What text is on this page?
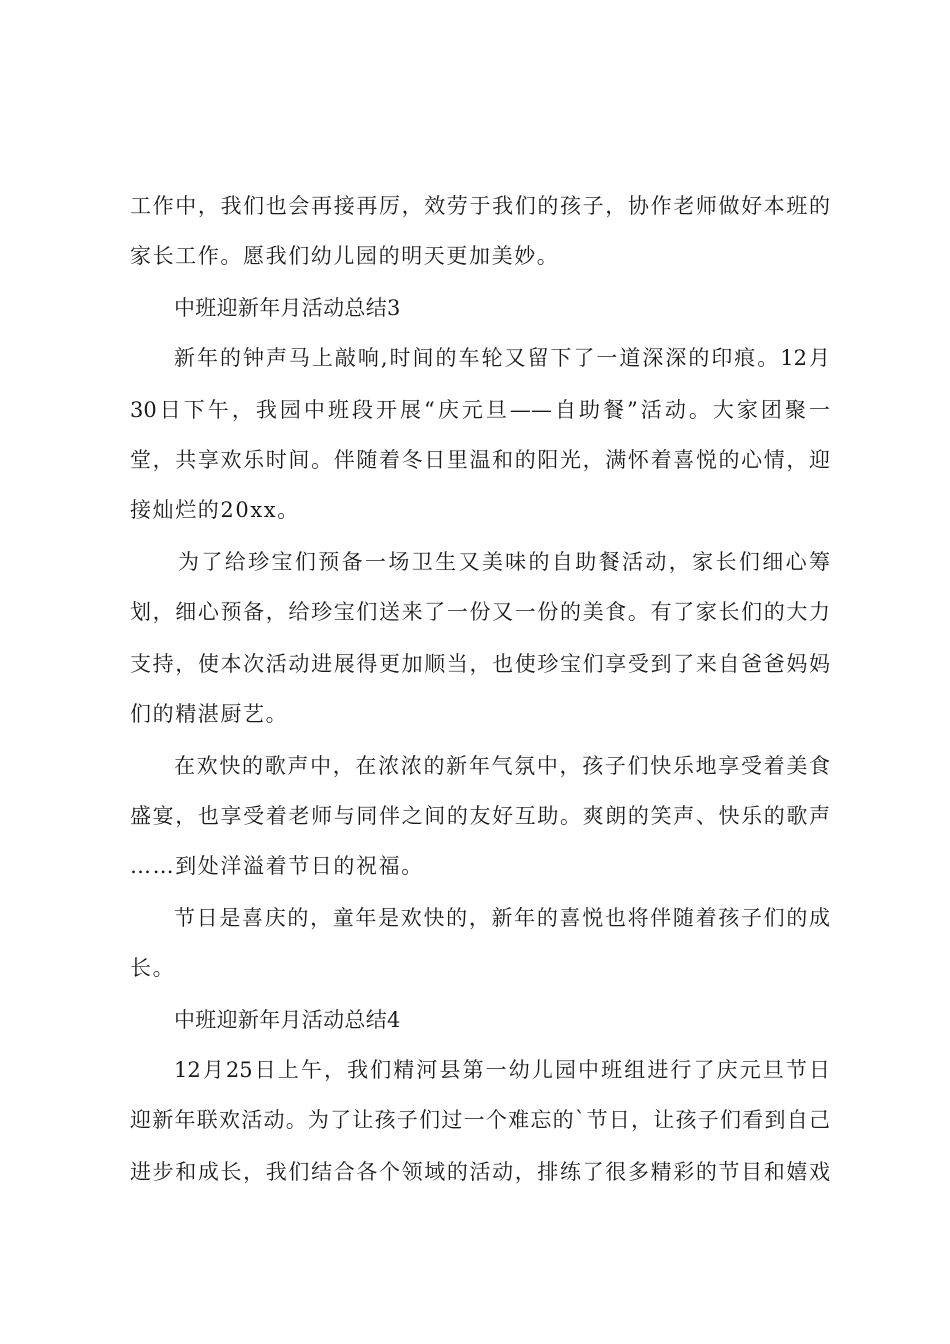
工作中，我们也会再接再厉，效劳于我们的孩子，协作老师做好本班的
家长工作。愿我们幼儿园的明天更加美妙。
中班迎新年月活动总结3
新年的钟声马上敲响,时间的车轮又留下了一道深深的印痕。12月
30日下午，我园中班段开展“庆元旦——自助餐”活动。大家团聚一
堂，共享欢乐时间。伴随着冬日里温和的阳光，满怀着喜悦的心情，迎
接灿烂的20xx。
为了给珍宝们预备一场卫生又美味的自助餐活动，家长们细心筹
划，细心预备，给珍宝们送来了一份又一份的美食。有了家长们的大力
支持，使本次活动进展得更加顺当，也使珍宝们享受到了来自爸爸妈妈
们的精湛厨艺。
在欢快的歌声中，在浓浓的新年气氛中，孩子们快乐地享受着美食
盛宴，也享受着老师与同伴之间的友好互助。爽朗的笑声、快乐的歌声
……到处洋溢着节日的祝福。
节日是喜庆的，童年是欢快的，新年的喜悦也将伴随着孩子们的成
长。
中班迎新年月活动总结4
12月25日上午，我们精河县第一幼儿园中班组进行了庆元旦节日
迎新年联欢活动。为了让孩子们过一个难忘的`节日，让孩子们看到自己
进步和成长，我们结合各个领域的活动，排练了很多精彩的节目和嬉戏
